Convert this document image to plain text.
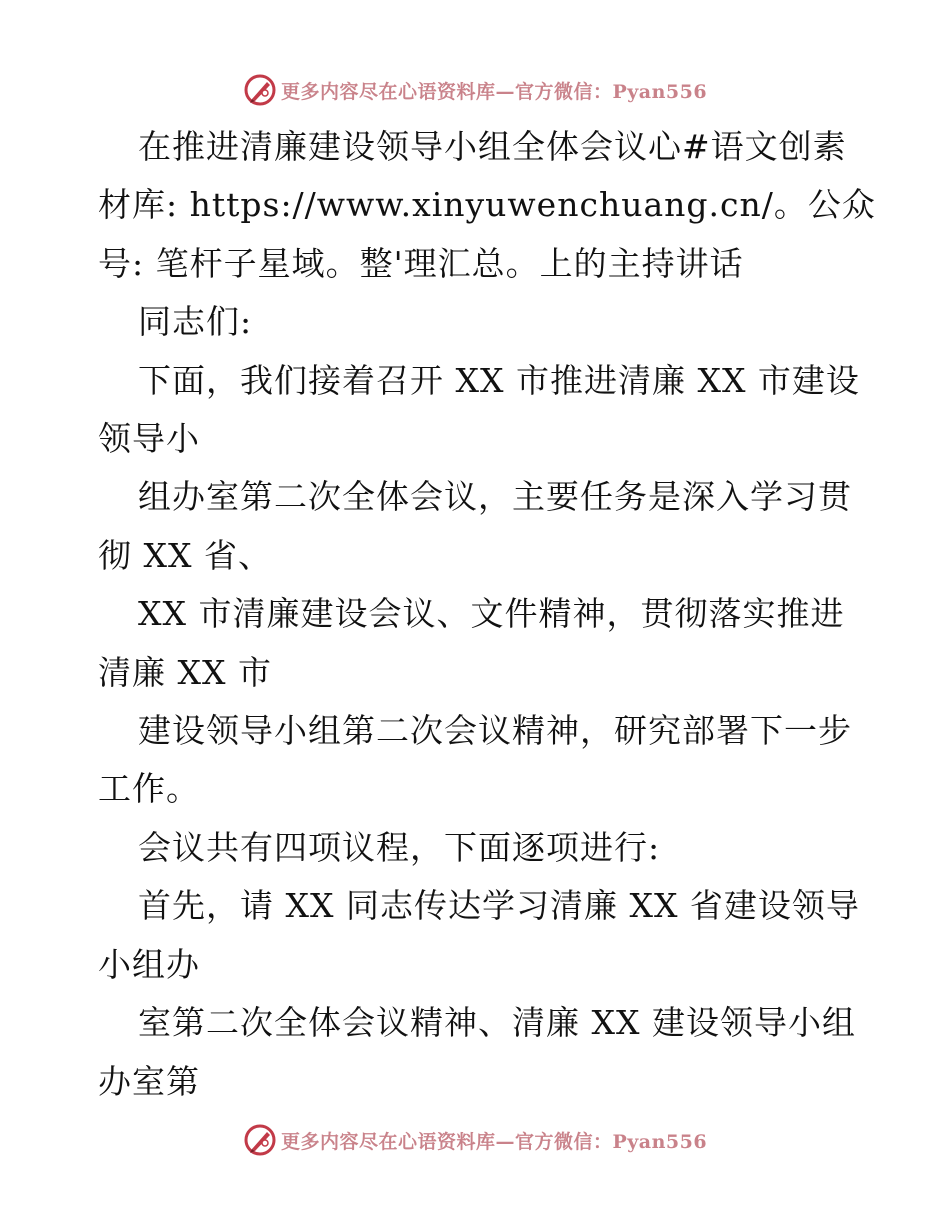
更多内容尽在心语资料库—官方微信：Pyan556

在推进清廉建设领导小组全体会议心#语文创素

材库: https://www.xinyuwenchuang.cn/。公众

号: 笔杆子星域。整'理汇总。上的主持讲话

同志们:

下面，我们接着召开 XX 市推进清廉 XX 市建设

领导小

组办室第二次全体会议，主要任务是深入学习贯

彻 XX 省、

XX 市清廉建设会议、文件精神，贯彻落实推进

清廉 XX 市

建设领导小组第二次会议精神，研究部署下一步

工作。

会议共有四项议程，下面逐项进行:

首先，请 XX 同志传达学习清廉 XX 省建设领导

小组办

室第二次全体会议精神、清廉 XX 建设领导小组

办室第

更多内容尽在心语资料库—官方微信：Pyan556
